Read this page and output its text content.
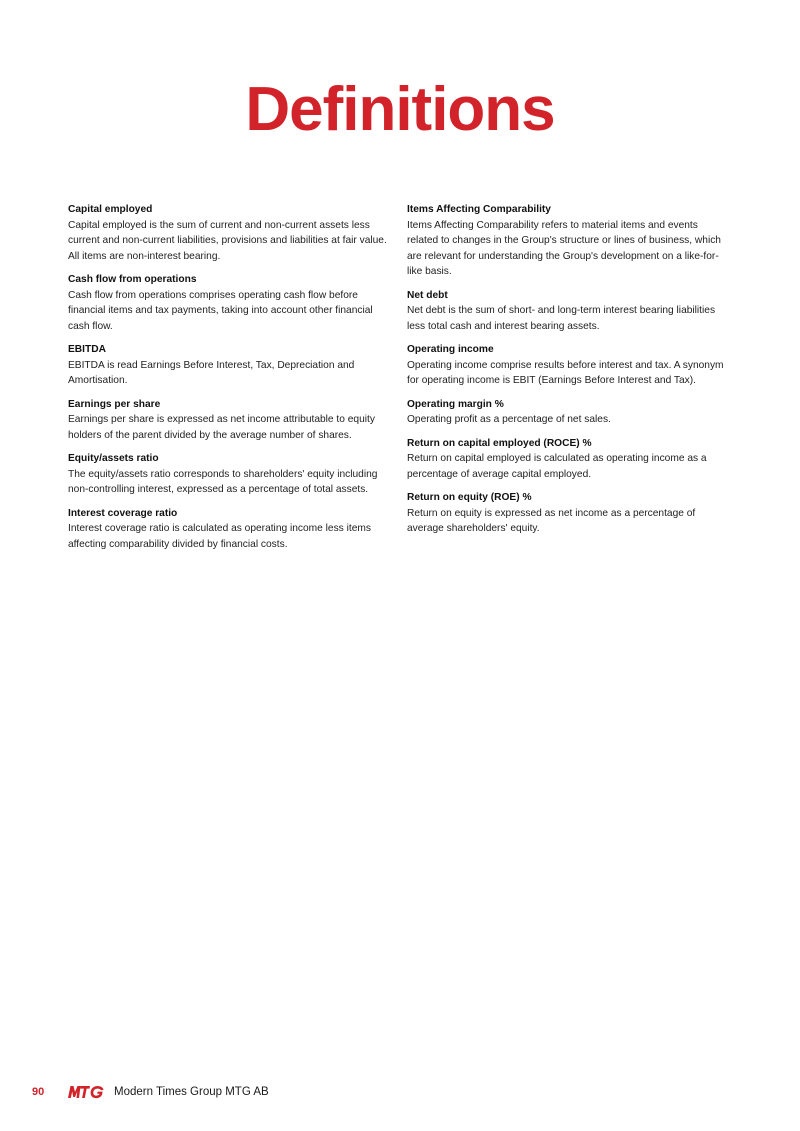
Definitions

Capital employed

Capital employed is the sum of current and non-current assets less current and non-current liabilities, provisions and liabilities at fair value. All items are non-interest bearing.

Cash flow from operations

Cash flow from operations comprises operating cash flow before financial items and tax payments, taking into account other financial cash flow.

EBITDA

EBITDA is read Earnings Before Interest, Tax, Depreciation and Amortisation.

Earnings per share

Earnings per share is expressed as net income attributable to equity holders of the parent divided by the average number of shares.

Equity/assets ratio

The equity/assets ratio corresponds to shareholders' equity including non-controlling interest, expressed as a percentage of total assets.

Interest coverage ratio

Interest coverage ratio is calculated as operating income less items affecting comparability divided by financial costs.

Items Affecting Comparability

Items Affecting Comparability refers to material items and events related to changes in the Group's structure or lines of business, which are relevant for understanding the Group's development on a like-for-like basis.

Net debt

Net debt is the sum of short- and long-term interest bearing liabilities less total cash and interest bearing assets.

Operating income

Operating income comprise results before interest and tax. A synonym for operating income is EBIT (Earnings Before Interest and Tax).

Operating margin %

Operating profit as a percentage of net sales.

Return on capital employed (ROCE) %

Return on capital employed is calculated as operating income as a percentage of average capital employed.

Return on equity (ROE) %

Return on equity is expressed as net income as a percentage of average shareholders' equity.

90	Modern Times Group MTG AB
